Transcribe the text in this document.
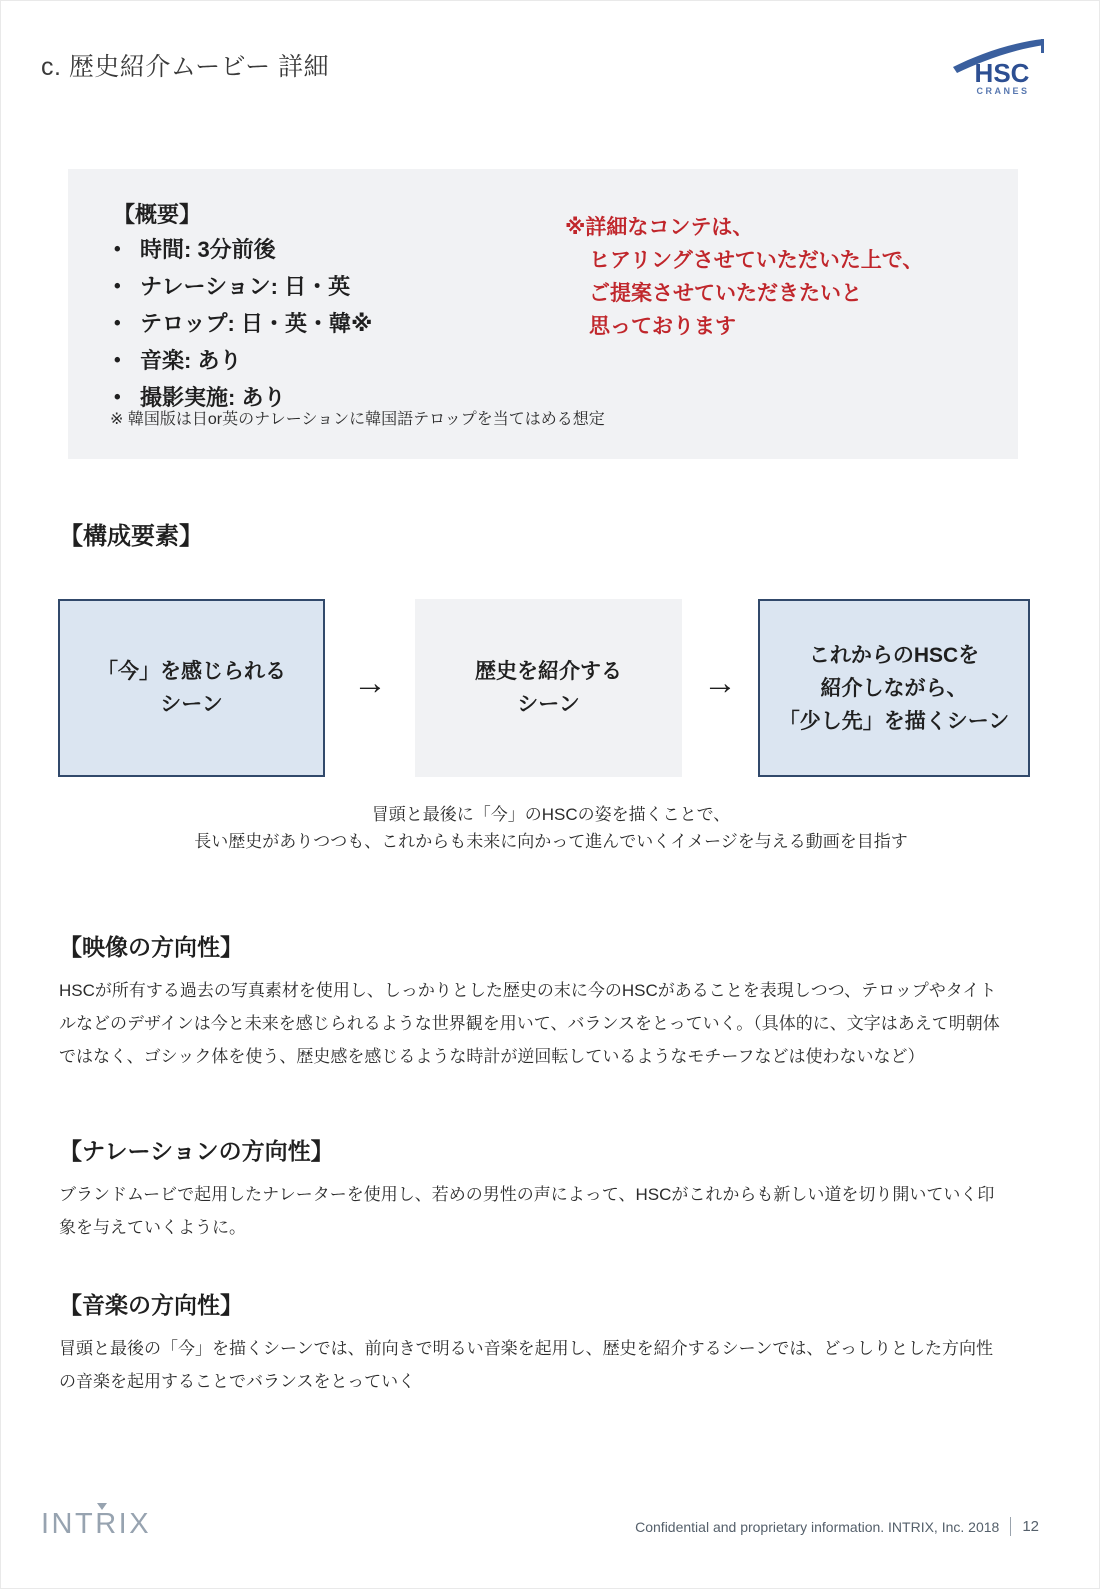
c. 歴史紹介ムービー 詳細	HSC
CRANES
【概要】
• 時間: 3分前後
• ナレーション: 日・英
• テロップ: 日・英・韓※
• 音楽: あり
• 撮影実施: あり
※ 韓国版は日or英のナレーションに韓国語テロップを当てはめる想定
※詳細なコンテは、
ヒアリングさせていただいた上で、
ご提案させていただきたいと
思っております
【構成要素】
「今」を感じられる
シーン
→	歴史を紹介する
シーン
→
これからのHSCを
紹介しながら、
「少し先」を描くシーン
冒頭と最後に「今」のHSCの姿を描くことで、
長い歴史がありつつも、これからも未来に向かって進んでいくイメージを与える動画を目指す
【映像の方向性】

HSCが所有する過去の写真素材を使用し、しっかりとした歴史の末に今のHSCがあることを表現しつつ、テロップやタイトルなどのデザインは今と未来を感じられるような世界観を用いて、バランスをとっていく。（具体的に、文字はあえて明朝体ではなく、ゴシック体を使う、歴史感を感じるような時計が逆回転しているようなモチーフなどは使わないなど）

【ナレーションの方向性】

ブランドムービで起用したナレーターを使用し、若めの男性の声によって、HSCがこれからも新しい道を切り開いていく印象を与えていくように。

【音楽の方向性】

冒頭と最後の「今」を描くシーンでは、前向きで明るい音楽を起用し、歴史を紹介するシーンでは、どっしりとした方向性の音楽を起用することでバランスをとっていく

INTRIX	Confidential and proprietary information. INTRIX, Inc. 2018 12
